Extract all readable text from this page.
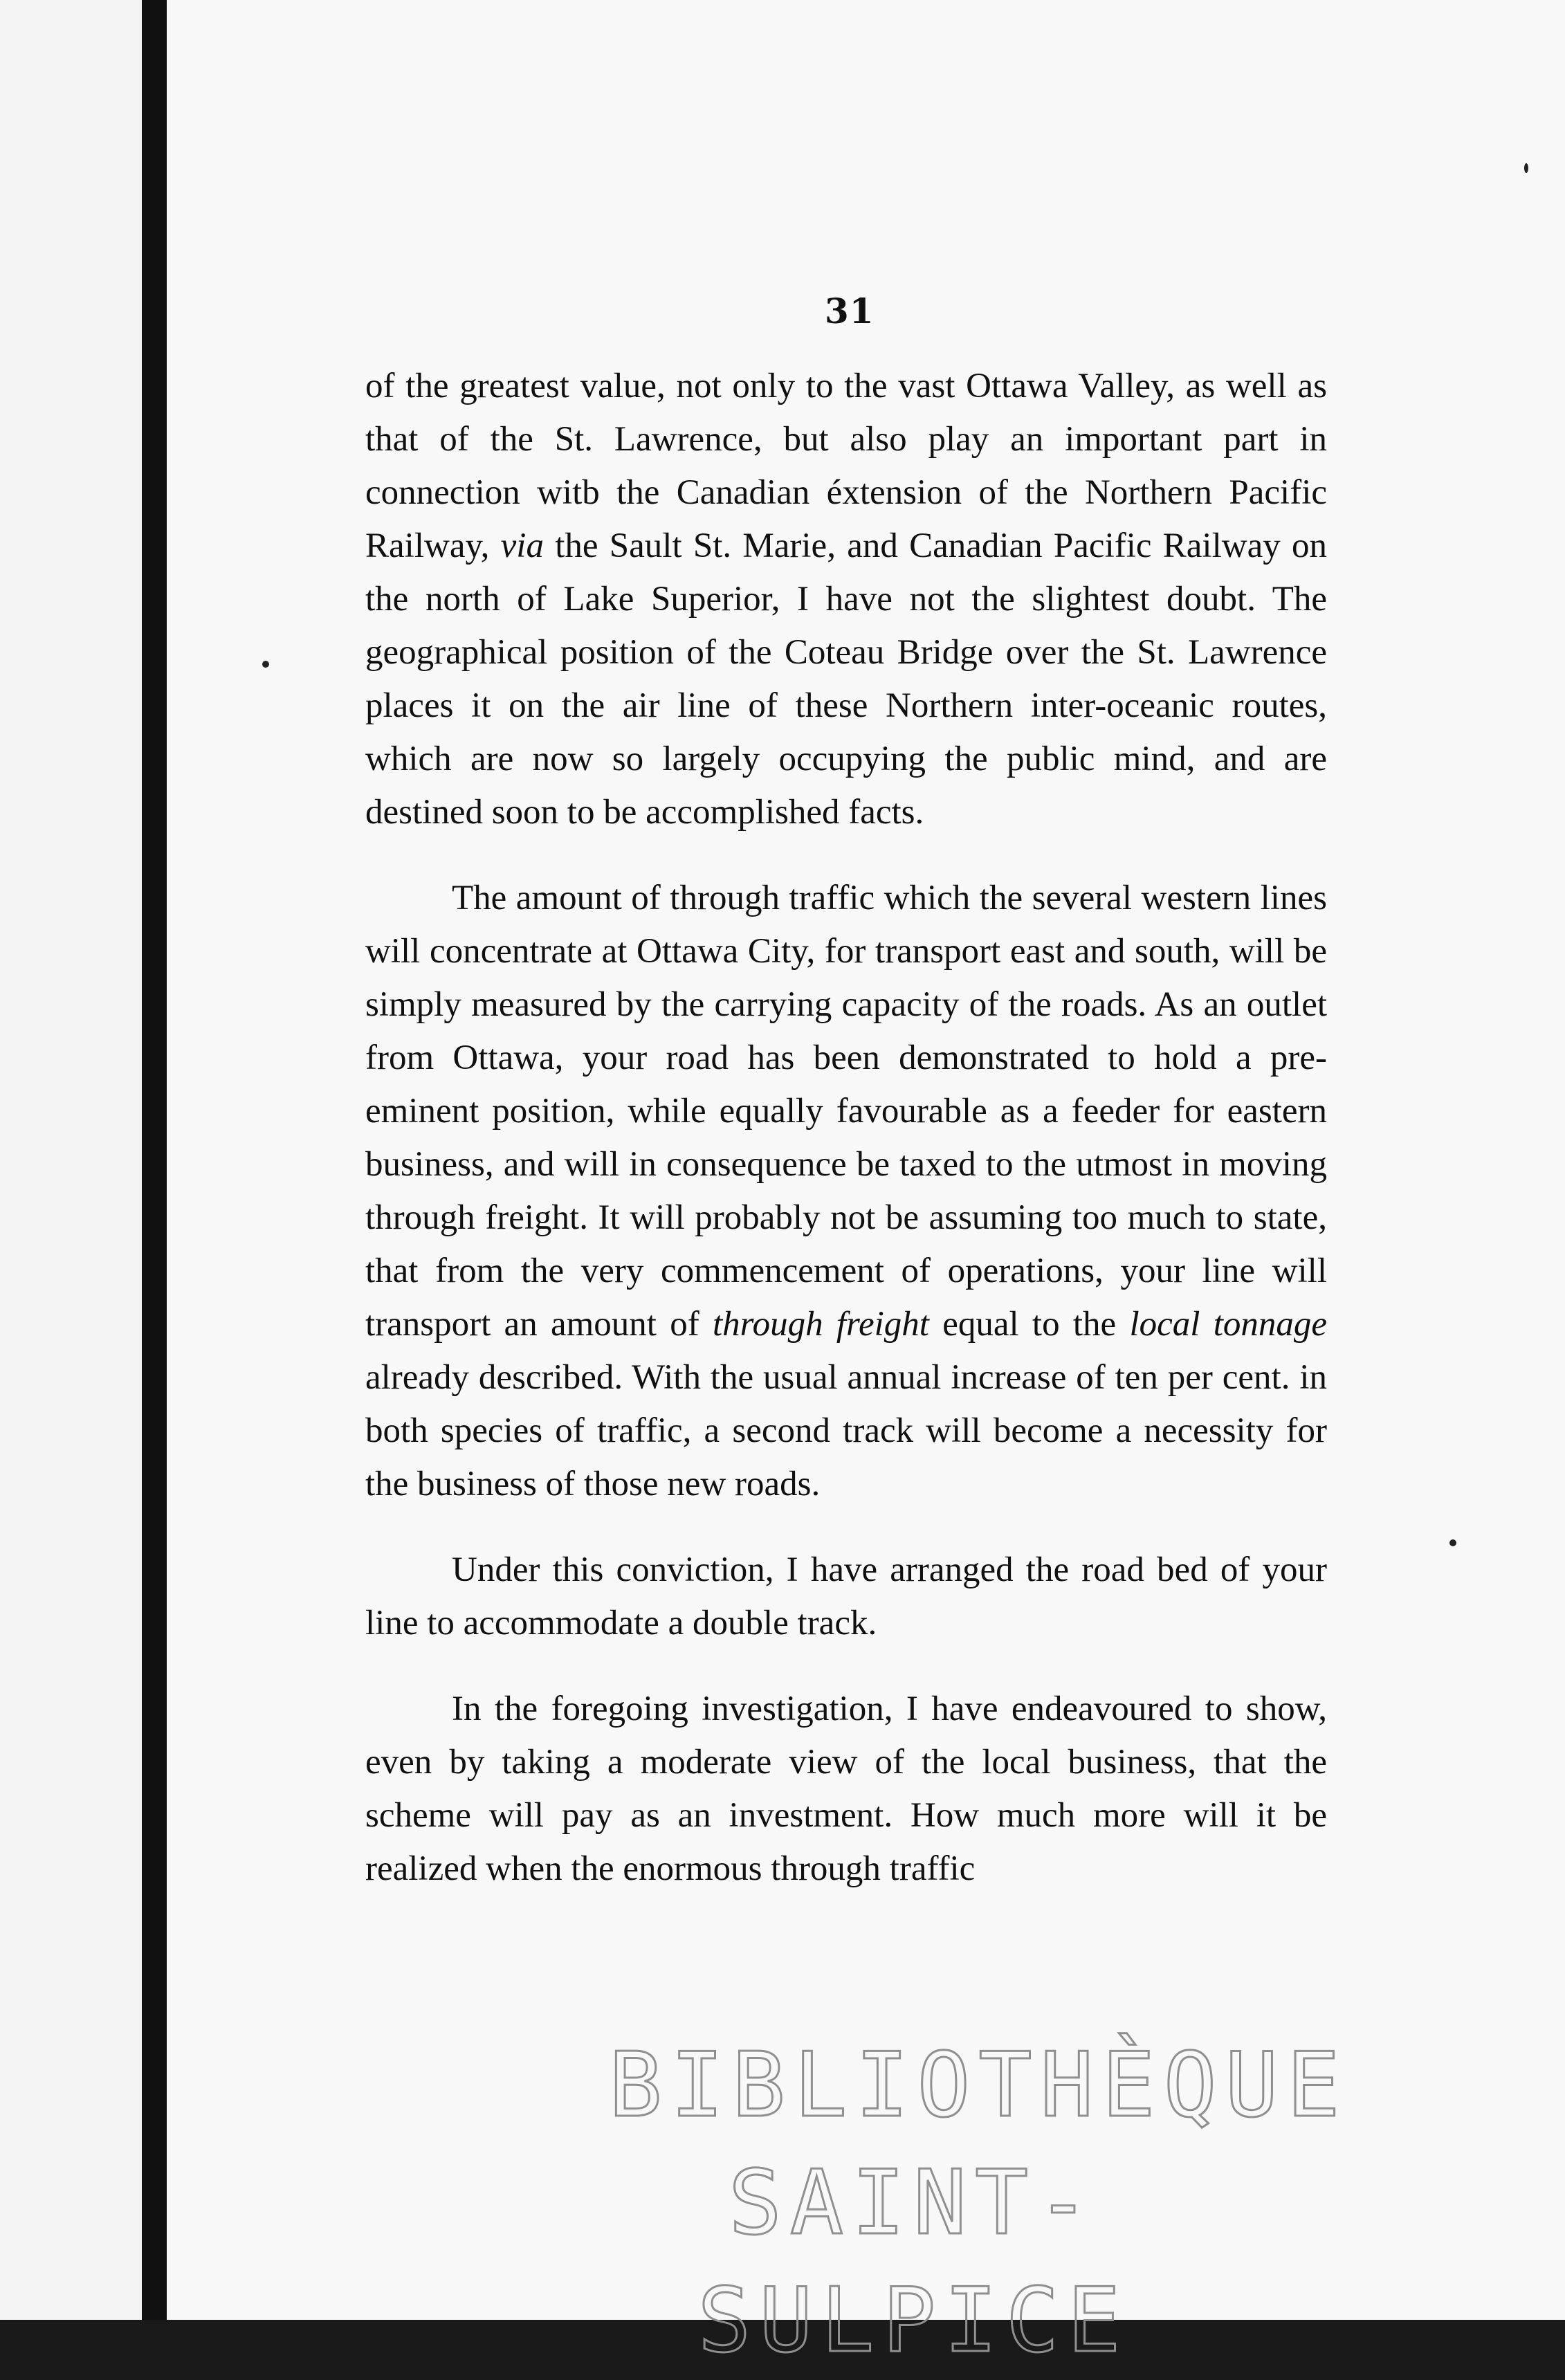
31

of the greatest value, not only to the vast Ottawa Valley, as well as that of the St. Lawrence, but also play an important part in connection witb the Canadian éxtension of the Northern Pacific Railway, via the Sault St. Marie, and Canadian Pacific Railway on the north of Lake Superior, I have not the slightest doubt. The geographical position of the Coteau Bridge over the St. Lawrence places it on the air line of these Northern inter-oceanic routes, which are now so largely occupying the public mind, and are destined soon to be accomplished facts.

The amount of through traffic which the several western lines will concentrate at Ottawa City, for transport east and south, will be simply measured by the carrying capacity of the roads. As an outlet from Ottawa, your road has been demonstrated to hold a pre-eminent position, while equally favourable as a feeder for eastern business, and will in consequence be taxed to the utmost in moving through freight. It will probably not be assuming too much to state, that from the very commencement of operations, your line will transport an amount of through freight equal to the local tonnage already described. With the usual annual increase of ten per cent. in both species of traffic, a second track will become a necessity for the business of those new roads.

Under this conviction, I have arranged the road bed of your line to accommodate a double track.

In the foregoing investigation, I have endeavoured to show, even by taking a moderate view of the local business, that the scheme will pay as an investment. How much more will it be realized when the enormous through traffic

BIBLIOTHÈQUE
SAINT-SULPICE
